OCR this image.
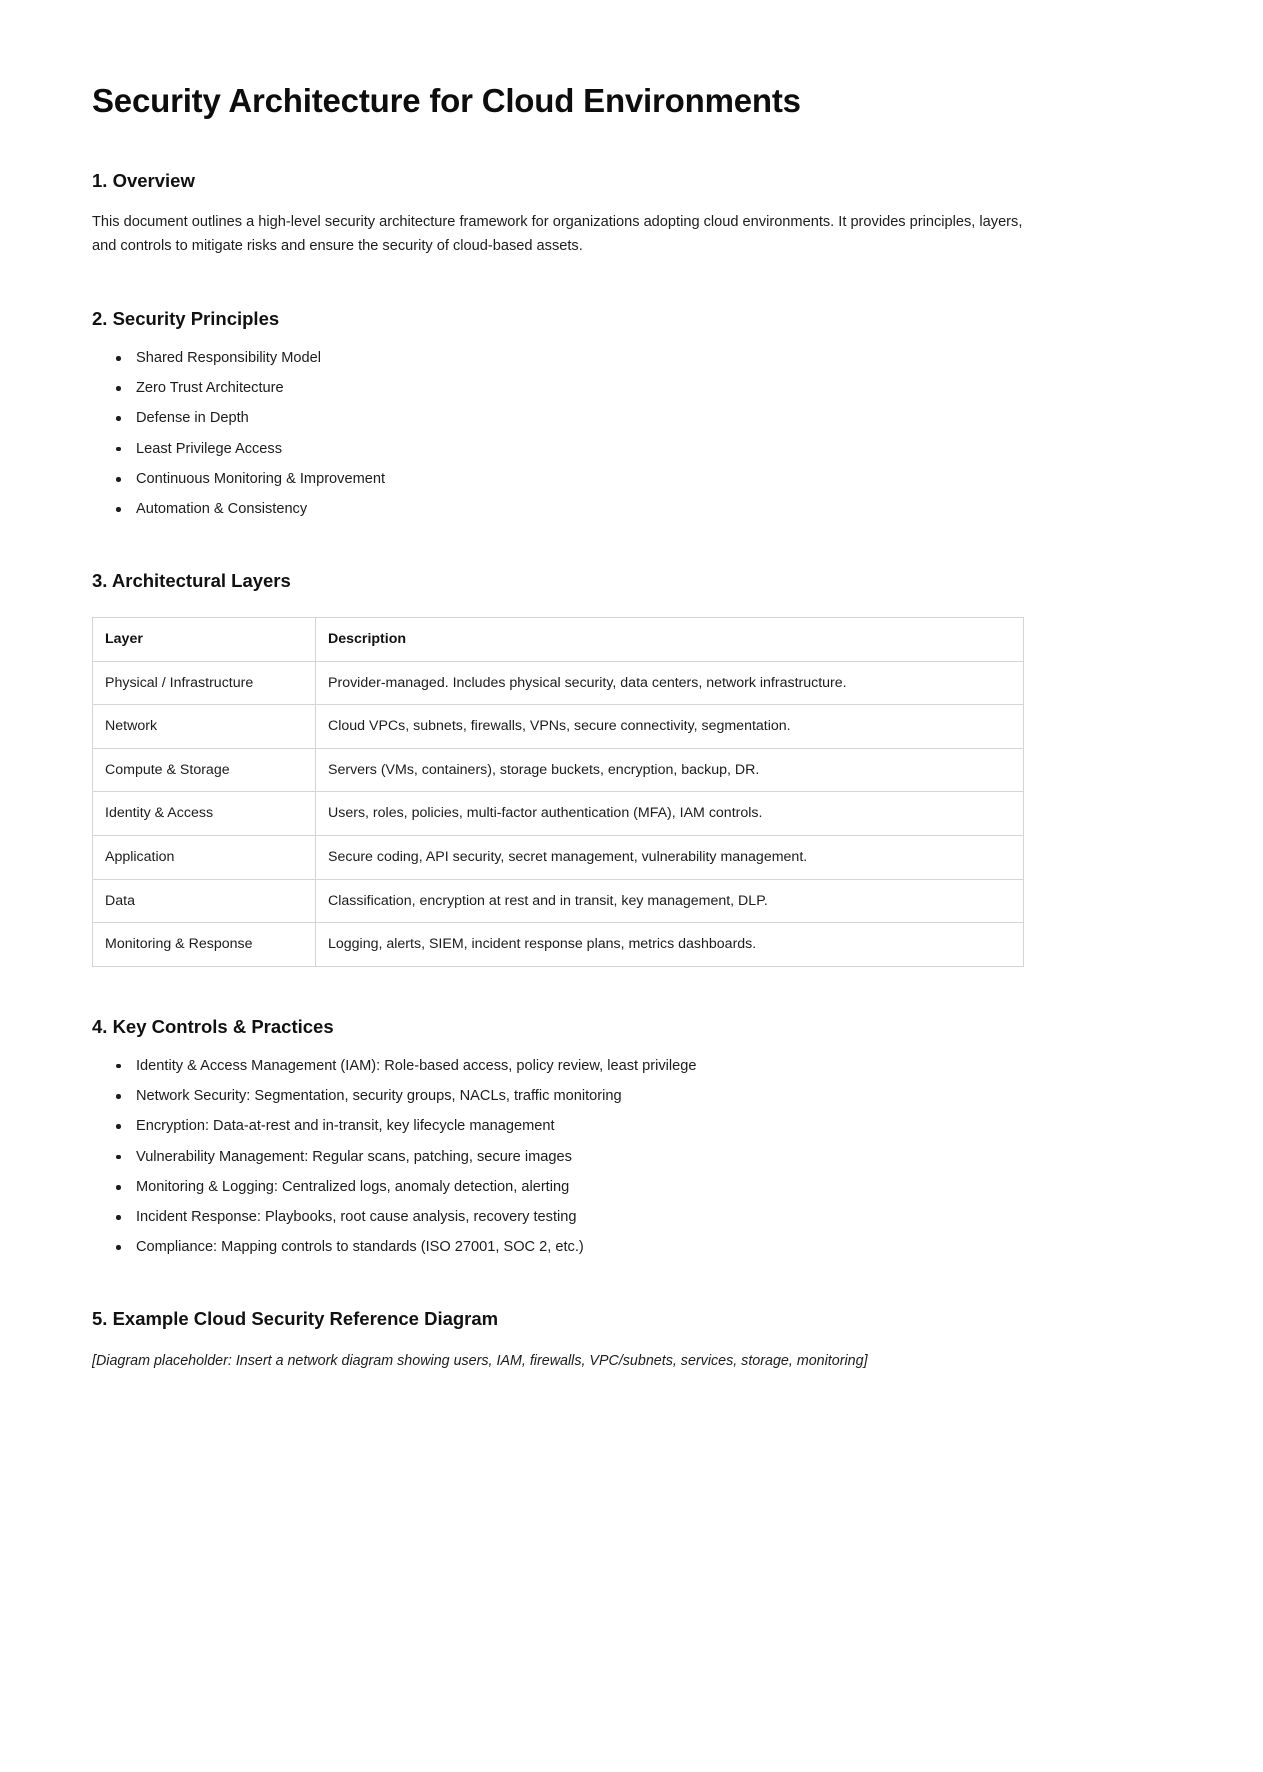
Security Architecture for Cloud Environments
1. Overview

This document outlines a high-level security architecture framework for organizations adopting cloud environments. It provides principles, layers, and controls to mitigate risks and ensure the security of cloud-based assets.

2. Security Principles
Shared Responsibility Model
Zero Trust Architecture
Defense in Depth
Least Privilege Access
Continuous Monitoring & Improvement
Automation & Consistency
3. Architectural Layers
Layer	Description
Physical / Infrastructure	Provider-managed. Includes physical security, data centers, network infrastructure.
Network	Cloud VPCs, subnets, firewalls, VPNs, secure connectivity, segmentation.
Compute & Storage	Servers (VMs, containers), storage buckets, encryption, backup, DR.
Identity & Access	Users, roles, policies, multi-factor authentication (MFA), IAM controls.
Application	Secure coding, API security, secret management, vulnerability management.
Data	Classification, encryption at rest and in transit, key management, DLP.
Monitoring & Response	Logging, alerts, SIEM, incident response plans, metrics dashboards.
4. Key Controls & Practices
Identity & Access Management (IAM): Role-based access, policy review, least privilege
Network Security: Segmentation, security groups, NACLs, traffic monitoring
Encryption: Data-at-rest and in-transit, key lifecycle management
Vulnerability Management: Regular scans, patching, secure images
Monitoring & Logging: Centralized logs, anomaly detection, alerting
Incident Response: Playbooks, root cause analysis, recovery testing
Compliance: Mapping controls to standards (ISO 27001, SOC 2, etc.)
5. Example Cloud Security Reference Diagram

[Diagram placeholder: Insert a network diagram showing users, IAM, firewalls, VPC/subnets, services, storage, monitoring]
